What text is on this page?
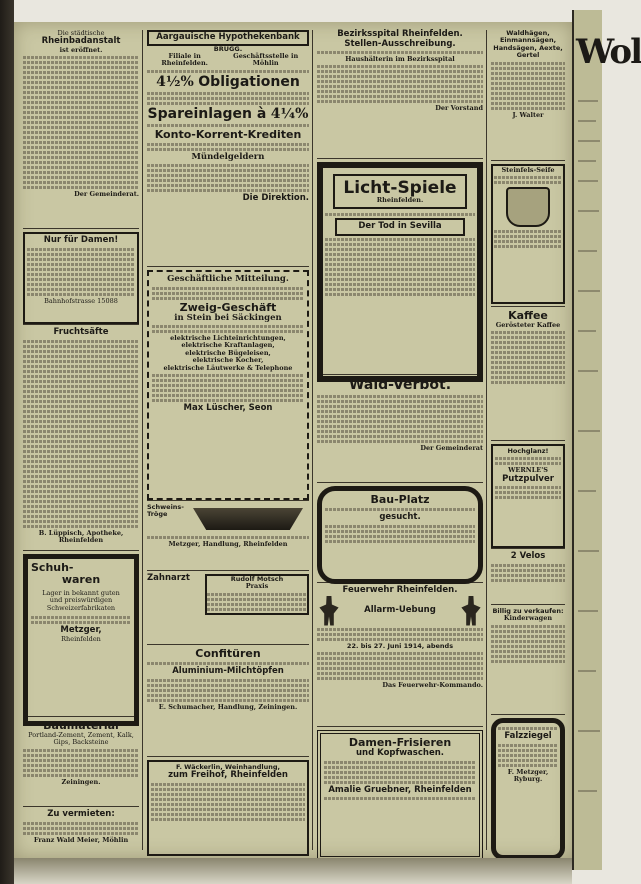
Die städtische
Rheinbadanstalt
ist eröffnet.
Der Gemeinderat.
Nur für Damen!
Bahnhofstrasse 15088
Fruchtsäfte
B. Lüppisch, Apotheke, Rheinfelden
Schuh-
waren
Lager in bekannt guten und preiswürdigen Schweizerfabrikaten
Metzger,
Rheinfelden
Baumaterial
Portland-Zement, Zement, Kalk, Gips, Backsteine
Zeiningen.
Zu vermieten:
Franz Wald Meier, Möhlin
Aargauische Hypothekenbank
BRUGG.
Filiale in Rheinfelden.
Geschäftsstelle in Möhlin
4½% Obligationen
Spareinlagen à 4¼%
Konto-Korrent-Krediten
Mündelgeldern
Die Direktion.
Geschäftliche Mitteilung.
Zweig-Geschäft
in Stein bei Säckingen
elektrische Lichteinrichtungen,
elektrische Kraftanlagen,
elektrische Bügeleisen,
elektrische Kocher,
elektrische Läutwerke & Telephone
Max Lüscher, Seon
Schweins-
Tröge
Metzger, Handlung, Rheinfelden
Zahnarzt	Rudolf Motsch
Praxis
Confitüren
Aluminium-Milchtöpfen
E. Schumacher, Handlung, Zeiningen.
F. Wäckerlin, Weinhandlung,
zum Freihof, Rheinfelden
Bezirksspital Rheinfelden.
Stellen-Ausschreibung.
Haushälterin im Bezirksspital
Der Vorstand
Licht-Spiele
Rheinfelden.
Der Tod in Sevilla
Wald-Verbot.
Der Gemeinderat
Bau-Platz
gesucht.
Feuerwehr Rheinfelden.
Allarm-Uebung
22. bis 27. Juni 1914, abends
Das Feuerwehr-Kommando.
Damen-Frisieren
und Kopfwaschen.
Amalie Gruebner, Rheinfelden
Waldhägen, Einmannsägen, Handsägen, Aexte, Gertel
J. Walter
Steinfels-Seife
Kaffee
Gerösteter Kaffee
Hochglanz!
WERNLE'S
Putzpulver
2 Velos
Billig zu verkaufen:
Kinderwagen
Falzziegel
F. Metzger, Ryburg.
Wol
